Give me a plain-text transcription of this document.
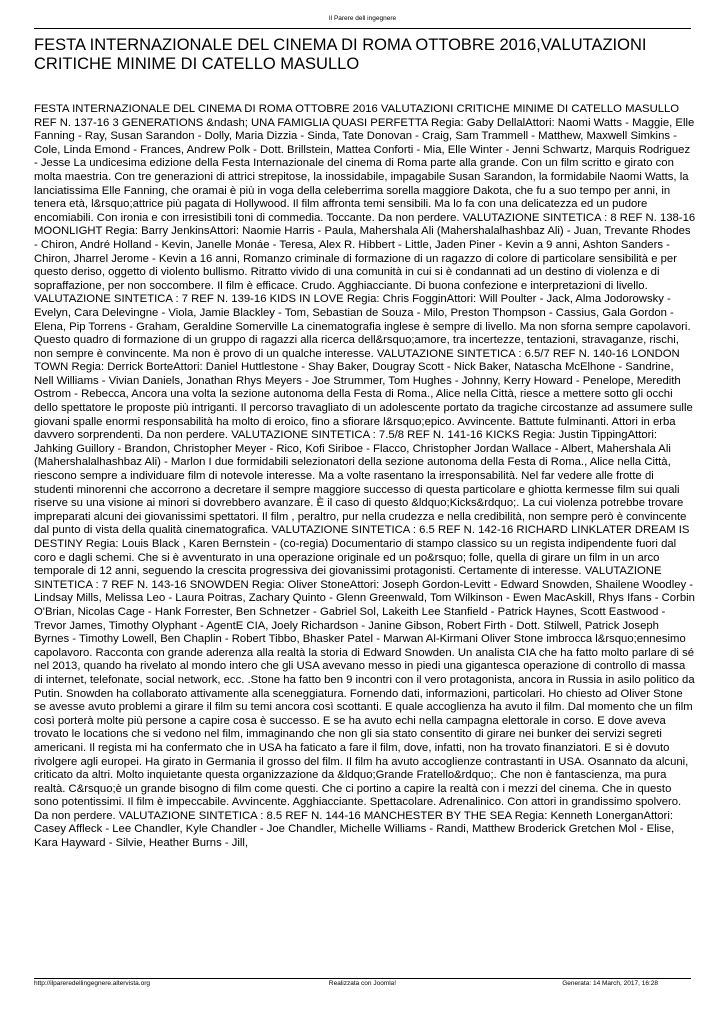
Il Parere dell ingegnere
FESTA INTERNAZIONALE DEL CINEMA DI ROMA OTTOBRE 2016,VALUTAZIONI CRITICHE MINIME DI CATELLO MASULLO

FESTA INTERNAZIONALE DEL CINEMA DI ROMA OTTOBRE 2016 VALUTAZIONI CRITICHE MINIME DI CATELLO MASULLO REF N. 137-16 3 GENERATIONS &ndash; UNA FAMIGLIA QUASI PERFETTA Regia: Gaby DellalAttori: Naomi Watts - Maggie, Elle Fanning - Ray, Susan Sarandon - Dolly, Maria Dizzia - Sinda, Tate Donovan - Craig, Sam Trammell - Matthew, Maxwell Simkins - Cole, Linda Emond - Frances, Andrew Polk - Dott. Brillstein, Mattea Conforti - Mia, Elle Winter - Jenni Schwartz, Marquis Rodriguez - Jesse La undicesima edizione della Festa Internazionale del cinema di Roma parte alla grande. Con un film scritto e girato con molta maestria. Con tre generazioni di attrici strepitose, la inossidabile, impagabile Susan Sarandon, la formidabile Naomi Watts, la lanciatissima Elle Fanning, che oramai è più in voga della celeberrima sorella maggiore Dakota, che fu a suo tempo per anni, in tenera età, l&rsquo;attrice più pagata di Hollywood. Il film affronta temi sensibili. Ma lo fa con una delicatezza ed un pudore encomiabili. Con ironia e con irresistibili toni di commedia. Toccante. Da non perdere. VALUTAZIONE SINTETICA : 8 REF N. 138-16 MOONLIGHT Regia: Barry JenkinsAttori: Naomie Harris - Paula, Mahershala Ali (Mahershalalhashbaz Ali) - Juan, Trevante Rhodes - Chiron, André Holland - Kevin, Janelle Monáe - Teresa, Alex R. Hibbert - Little, Jaden Piner - Kevin a 9 anni, Ashton Sanders - Chiron, Jharrel Jerome - Kevin a 16 anni, Romanzo criminale di formazione di un ragazzo di colore di particolare sensibilità e per questo deriso, oggetto di violento bullismo. Ritratto vivido di una comunità in cui si è condannati ad un destino di violenza e di sopraffazione, per non soccombere. Il film è efficace. Crudo. Agghiacciante. Di buona confezione e interpretazioni di livello. VALUTAZIONE SINTETICA : 7 REF N. 139-16 KIDS IN LOVE Regia: Chris FogginAttori: Will Poulter - Jack, Alma Jodorowsky - Evelyn, Cara Delevingne - Viola, Jamie Blackley - Tom, Sebastian de Souza - Milo, Preston Thompson - Cassius, Gala Gordon - Elena, Pip Torrens - Graham, Geraldine Somerville La cinematografia inglese è sempre di livello. Ma non sforna sempre capolavori. Questo quadro di formazione di un gruppo di ragazzi alla ricerca dell&rsquo;amore, tra incertezze, tentazioni, stravaganze, rischi, non sempre è convincente. Ma non è provo di un qualche interesse. VALUTAZIONE SINTETICA : 6.5/7 REF N. 140-16 LONDON TOWN Regia: Derrick BorteAttori: Daniel Huttlestone - Shay Baker, Dougray Scott - Nick Baker, Natascha McElhone - Sandrine, Nell Williams - Vivian Daniels, Jonathan Rhys Meyers - Joe Strummer, Tom Hughes - Johnny, Kerry Howard - Penelope, Meredith Ostrom - Rebecca, Ancora una volta la sezione autonoma della Festa di Roma., Alice nella Città, riesce a mettere sotto gli occhi dello spettatore le proposte più intriganti. Il percorso travagliato di un adolescente portato da tragiche circostanze ad assumere sulle giovani spalle enormi responsabilità ha molto di eroico, fino a sfiorare l&rsquo;epico. Avvincente. Battute fulminanti. Attori in erba davvero sorprendenti. Da non perdere. VALUTAZIONE SINTETICA : 7.5/8 REF N. 141-16 KICKS Regia: Justin TippingAttori: Jahking Guillory - Brandon, Christopher Meyer - Rico, Kofi Siriboe - Flacco, Christopher Jordan Wallace - Albert, Mahershala Ali (Mahershalalhashbaz Ali) - Marlon I due formidabili selezionatori della sezione autonoma della Festa di Roma., Alice nella Città, riescono sempre a individuare film di notevole interesse. Ma a volte rasentano la irresponsabilità. Nel far vedere alle frotte di studenti minorenni che accorrono a decretare il sempre maggiore successo di questa particolare e ghiotta kermesse film sui quali riserve su una visione ai minori si dovrebbero avanzare. È il caso di questo &ldquo;Kicks&rdquo;. La cui violenza potrebbe trovare impreparati alcuni dei giovanissimi spettatori. Il film , peraltro, pur nella crudezza e nella credibilità, non sempre però è convincente dal punto di vista della qualità cinematografica. VALUTAZIONE SINTETICA : 6.5 REF N. 142-16 RICHARD LINKLATER DREAM IS DESTINY Regia: Louis Black , Karen Bernstein - (co-regia) Documentario di stampo classico su un regista indipendente fuori dal coro e dagli schemi. Che si è avventurato in una operazione originale ed un po&rsquo; folle, quella di girare un film in un arco temporale di 12 anni, seguendo la crescita progressiva dei giovanissimi protagonisti. Certamente di interesse. VALUTAZIONE SINTETICA : 7 REF N. 143-16 SNOWDEN Regia: Oliver StoneAttori: Joseph Gordon-Levitt - Edward Snowden, Shailene Woodley - Lindsay Mills, Melissa Leo - Laura Poitras, Zachary Quinto - Glenn Greenwald, Tom Wilkinson - Ewen MacAskill, Rhys Ifans - Corbin O'Brian, Nicolas Cage - Hank Forrester, Ben Schnetzer - Gabriel Sol, Lakeith Lee Stanfield - Patrick Haynes, Scott Eastwood - Trevor James, Timothy Olyphant - AgentE CIA, Joely Richardson - Janine Gibson, Robert Firth - Dott. Stilwell, Patrick Joseph Byrnes - Timothy Lowell, Ben Chaplin - Robert Tibbo, Bhasker Patel - Marwan Al-Kirmani Oliver Stone imbrocca l&rsquo;ennesimo capolavoro. Racconta con grande aderenza alla realtà la storia di Edward Snowden. Un analista CIA che ha fatto molto parlare di sé nel 2013, quando ha rivelato al mondo intero che gli USA avevano messo in piedi una gigantesca operazione di controllo di massa di internet, telefonate, social network, ecc. .Stone ha fatto ben 9 incontri con il vero protagonista, ancora in Russia in asilo politico da Putin. Snowden ha collaborato attivamente alla sceneggiatura. Fornendo dati, informazioni, particolari. Ho chiesto ad Oliver Stone se avesse avuto problemi a girare il film su temi ancora così scottanti. E quale accoglienza ha avuto il film. Dal momento che un film così porterà molte più persone a capire cosa è successo. E se ha avuto echi nella campagna elettorale in corso. E dove aveva trovato le locations che si vedono nel film, immaginando che non gli sia stato consentito di girare nei bunker dei servizi segreti americani. Il regista mi ha confermato che in USA ha faticato a fare il film, dove, infatti, non ha trovato finanziatori. E si è dovuto rivolgere agli europei. Ha girato in Germania il grosso del film. Il film ha avuto accoglienze contrastanti in USA. Osannato da alcuni, criticato da altri. Molto inquietante questa organizzazione da &ldquo;Grande Fratello&rdquo;. Che non è fantascienza, ma pura realtà. C&rsquo;è un grande bisogno di film come questi. Che ci portino a capire la realtà con i mezzi del cinema. Che in questo sono potentissimi. Il film è impeccabile. Avvincente. Agghiacciante. Spettacolare. Adrenalinico. Con attori in grandissimo spolvero. Da non perdere. VALUTAZIONE SINTETICA : 8.5 REF N. 144-16 MANCHESTER BY THE SEA Regia: Kenneth LonerganAttori: Casey Affleck - Lee Chandler, Kyle Chandler - Joe Chandler, Michelle Williams - Randi, Matthew Broderick Gretchen Mol - Elise, Kara Hayward - Silvie, Heather Burns - Jill,

http://ilpareredellingegnere.altervista.org	Realizzata con Joomla!	Generata: 14 March, 2017, 16:28
